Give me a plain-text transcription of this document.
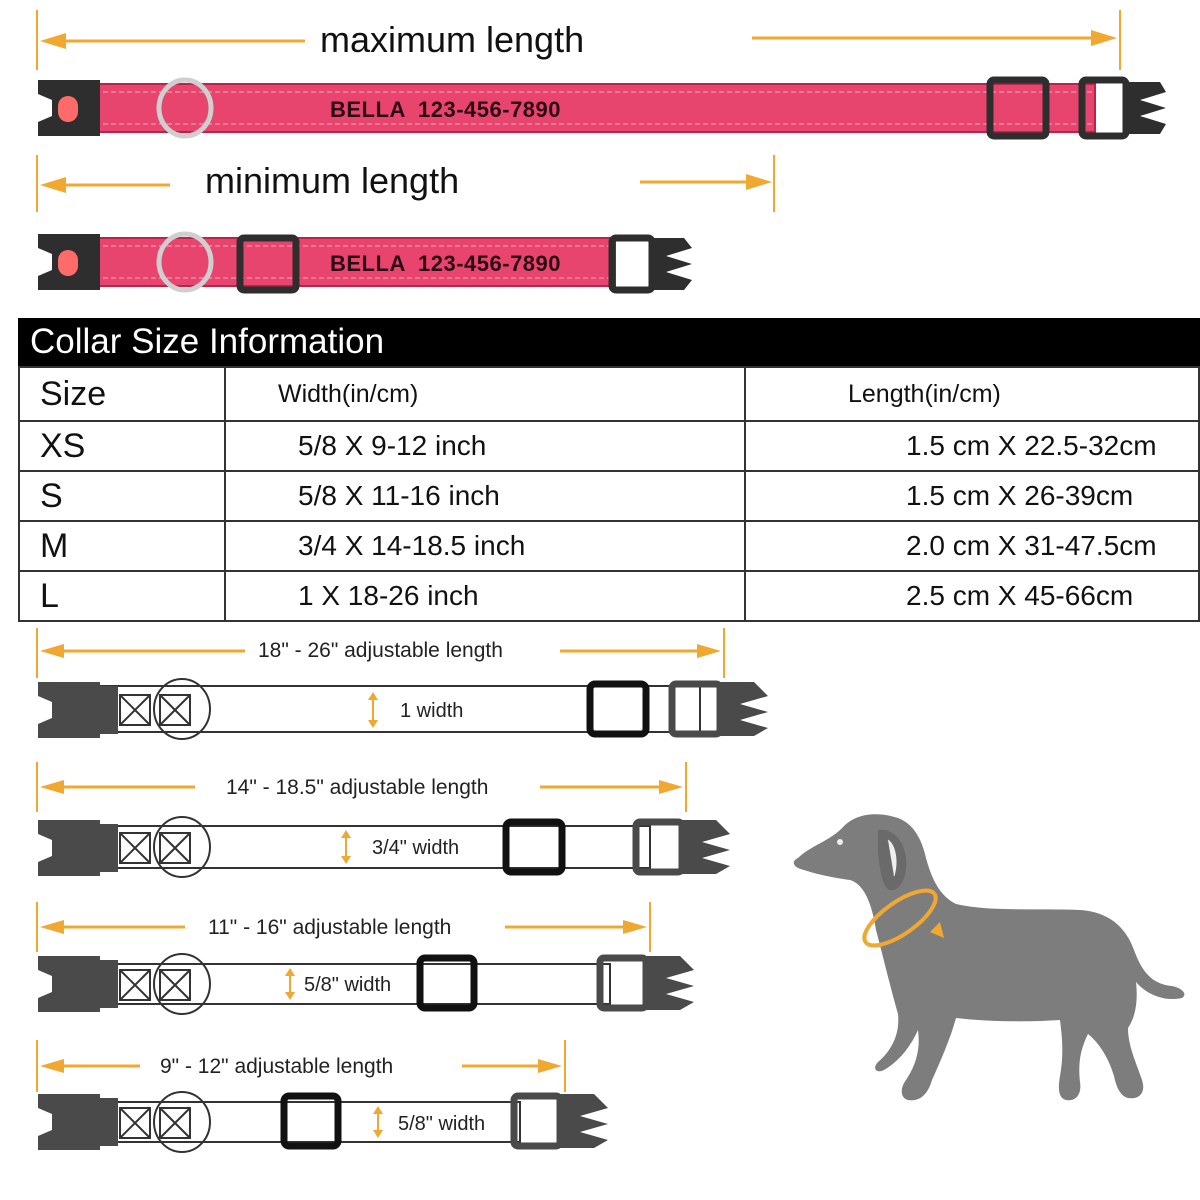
maximum length
minimum length
BELLA 123-456-7890
BELLA 123-456-7890
Collar Size Information
Size	Width(in/cm)	Length(in/cm)
XS	5/8 X 9-12 inch	1.5 cm X 22.5-32cm
S	5/8 X 11-16 inch	1.5 cm X 26-39cm
M	3/4 X 14-18.5 inch	2.0 cm X 31-47.5cm
L	1 X 18-26 inch	2.5 cm X 45-66cm
18" - 26" adjustable length
1 width
14" - 18.5" adjustable length
3/4" width
11" - 16" adjustable length
5/8" width
9" - 12" adjustable length
5/8" width
